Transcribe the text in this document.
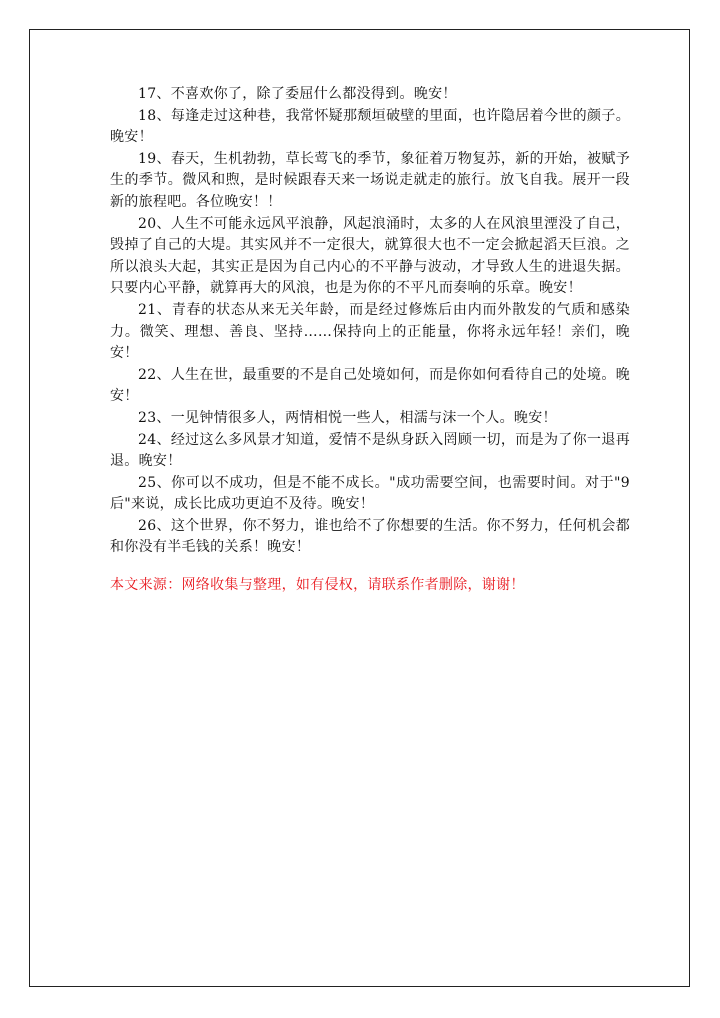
17、不喜欢你了，除了委屈什么都没得到。晚安！

18、每逢走过这种巷，我常怀疑那颓垣破壁的里面，也许隐居着今世的颜子。晚安！

19、春天，生机勃勃，草长莺飞的季节，象征着万物复苏，新的开始，被赋予生的季节。微风和煦，是时候跟春天来一场说走就走的旅行。放飞自我。展开一段新的旅程吧。各位晚安！！

20、人生不可能永远风平浪静，风起浪涌时，太多的人在风浪里湮没了自己，毁掉了自己的大堤。其实风并不一定很大，就算很大也不一定会掀起滔天巨浪。之所以浪头大起，其实正是因为自己内心的不平静与波动，才导致人生的进退失据。只要内心平静，就算再大的风浪，也是为你的不平凡而奏响的乐章。晚安！

21、青春的状态从来无关年龄，而是经过修炼后由内而外散发的气质和感染力。微笑、理想、善良、坚持……保持向上的正能量，你将永远年轻！亲们，晚安！

22、人生在世，最重要的不是自己处境如何，而是你如何看待自己的处境。晚安！

23、一见钟情很多人，两情相悦一些人，相濡与沫一个人。晚安！

24、经过这么多风景才知道，爱情不是纵身跃入罔顾一切，而是为了你一退再退。晚安！

25、你可以不成功，但是不能不成长。"成功需要空间，也需要时间。对于"9后"来说，成长比成功更迫不及待。晚安！

26、这个世界，你不努力，谁也给不了你想要的生活。你不努力，任何机会都和你没有半毛钱的关系！晚安！

本文来源：网络收集与整理，如有侵权，请联系作者删除，谢谢！
